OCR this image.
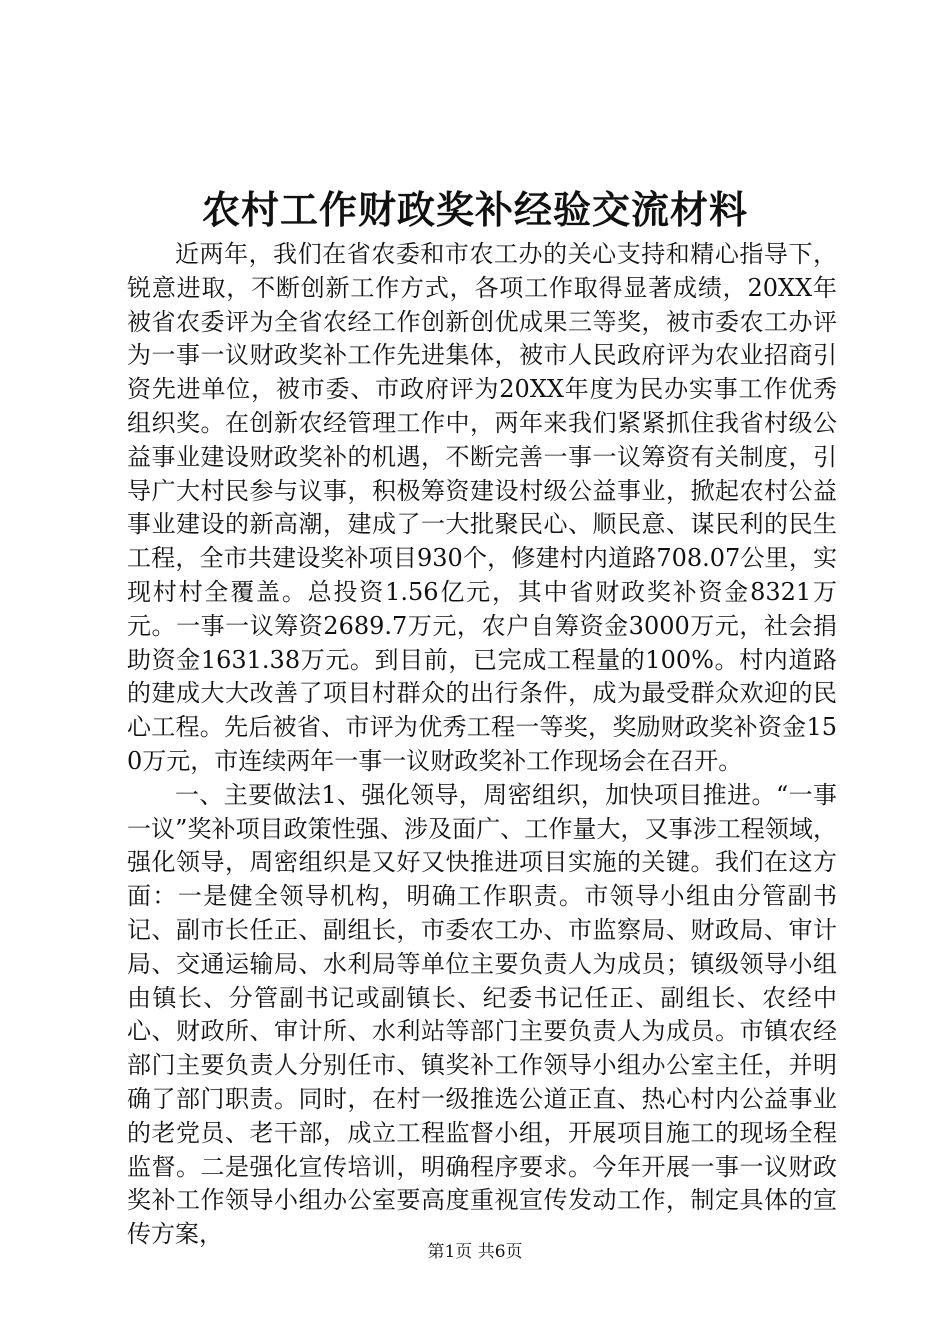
农村工作财政奖补经验交流材料

近两年，我们在省农委和市农工办的关心支持和精心指导下，锐意进取，不断创新工作方式，各项工作取得显著成绩，20XX年被省农委评为全省农经工作创新创优成果三等奖，被市委农工办评为一事一议财政奖补工作先进集体，被市人民政府评为农业招商引资先进单位，被市委、市政府评为20XX年度为民办实事工作优秀组织奖。在创新农经管理工作中，两年来我们紧紧抓住我省村级公益事业建设财政奖补的机遇，不断完善一事一议筹资有关制度，引导广大村民参与议事，积极筹资建设村级公益事业，掀起农村公益事业建设的新高潮，建成了一大批聚民心、顺民意、谋民利的民生工程，全市共建设奖补项目930个，修建村内道路708.07公里，实现村村全覆盖。总投资1.56亿元，其中省财政奖补资金8321万元。一事一议筹资2689.7万元，农户自筹资金3000万元，社会捐助资金1631.38万元。到目前，已完成工程量的100%。村内道路的建成大大改善了项目村群众的出行条件，成为最受群众欢迎的民心工程。先后被省、市评为优秀工程一等奖，奖励财政奖补资金150万元，市连续两年一事一议财政奖补工作现场会在召开。

一、主要做法1、强化领导，周密组织，加快项目推进。“一事一议”奖补项目政策性强、涉及面广、工作量大，又事涉工程领域，强化领导，周密组织是又好又快推进项目实施的关键。我们在这方面：一是健全领导机构，明确工作职责。市领导小组由分管副书记、副市长任正、副组长，市委农工办、市监察局、财政局、审计局、交通运输局、水利局等单位主要负责人为成员；镇级领导小组由镇长、分管副书记或副镇长、纪委书记任正、副组长、农经中心、财政所、审计所、水利站等部门主要负责人为成员。市镇农经部门主要负责人分别任市、镇奖补工作领导小组办公室主任，并明确了部门职责。同时，在村一级推选公道正直、热心村内公益事业的老党员、老干部，成立工程监督小组，开展项目施工的现场全程监督。二是强化宣传培训，明确程序要求。今年开展一事一议财政奖补工作领导小组办公室要高度重视宣传发动工作，制定具体的宣传方案，

第1页 共6页
